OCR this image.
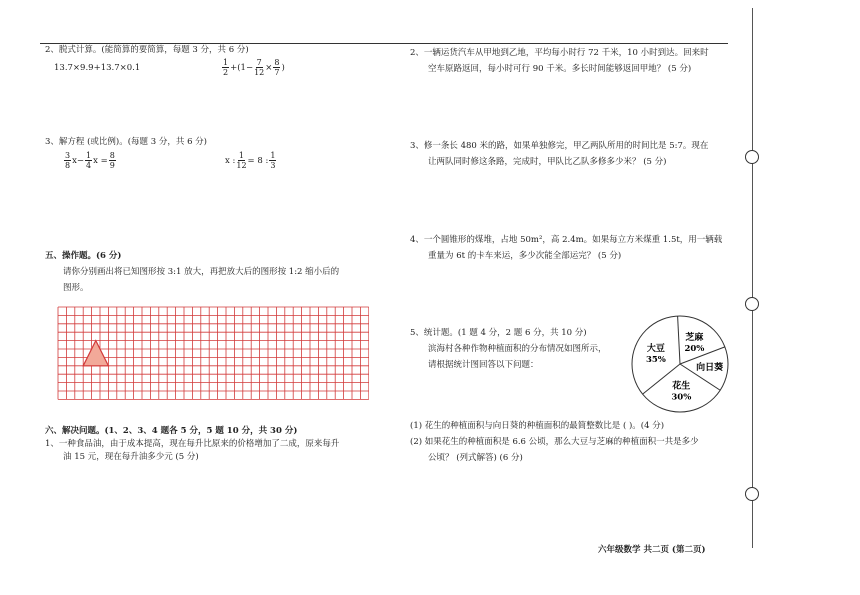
2、脱式计算。(能简算的要简算，每题 3 分，共 6 分)
13.7×9.9+13.7×0.1	$\frac{1}{2} +(1- \frac{7}{12} \times \frac{8}{7}$ )
3、解方程 (或比例)。(每题 3 分，共 6 分)
$\frac{3}{8} x- \frac{1}{4}$ $x = \frac{8}{9}$	x : $\frac{1}{12} = 8$ : $\frac{1}{3}$
五、操作题。(6 分)
请你分别画出将已知图形按 3:1 放大，再把放大后的图形按 1:2 缩小后的
图形。
六、解决问题。(1、2、3、4 题各 5 分，5 题 10 分，共 30 分)
1、一种食品油，由于成本提高，现在每升比原来的价格增加了二成，原来每升
油 15 元，现在每升油多少元 (5 分)
2、一辆运货汽车从甲地到乙地，平均每小时行 72 千米，10 小时到达。回来时
空车原路返回，每小时可行 90 千米。多长时间能够返回甲地？ (5 分)
3、修一条长 480 米的路，如果单独修完，甲乙两队所用的时间比是 5:7。现在
让两队同时修这条路，完成时，甲队比乙队多修多少米？ (5 分)
4、一个圆锥形的煤堆，占地 50m²，高 2.4m。如果每立方米煤重 1.5t，用一辆载
重量为 6t 的卡车来运，多少次能全部运完？ (5 分)
5、统计题。(1 题 4 分，2 题 6 分，共 10 分)
滨海村各种作物种植面积的分布情况如图所示，
请根据统计图回答以下问题：
芝麻
20%
向日葵
花生
30%
大豆
35%
(1) 花生的种植面积与向日葵的种植面积的最简整数比是 ( )。(4 分)
(2) 如果花生的种植面积是 6.6 公顷，那么大豆与芝麻的种植面积一共是多少
公顷？ (列式解答) (6 分)
六年级数学 共二页 (第二页)
